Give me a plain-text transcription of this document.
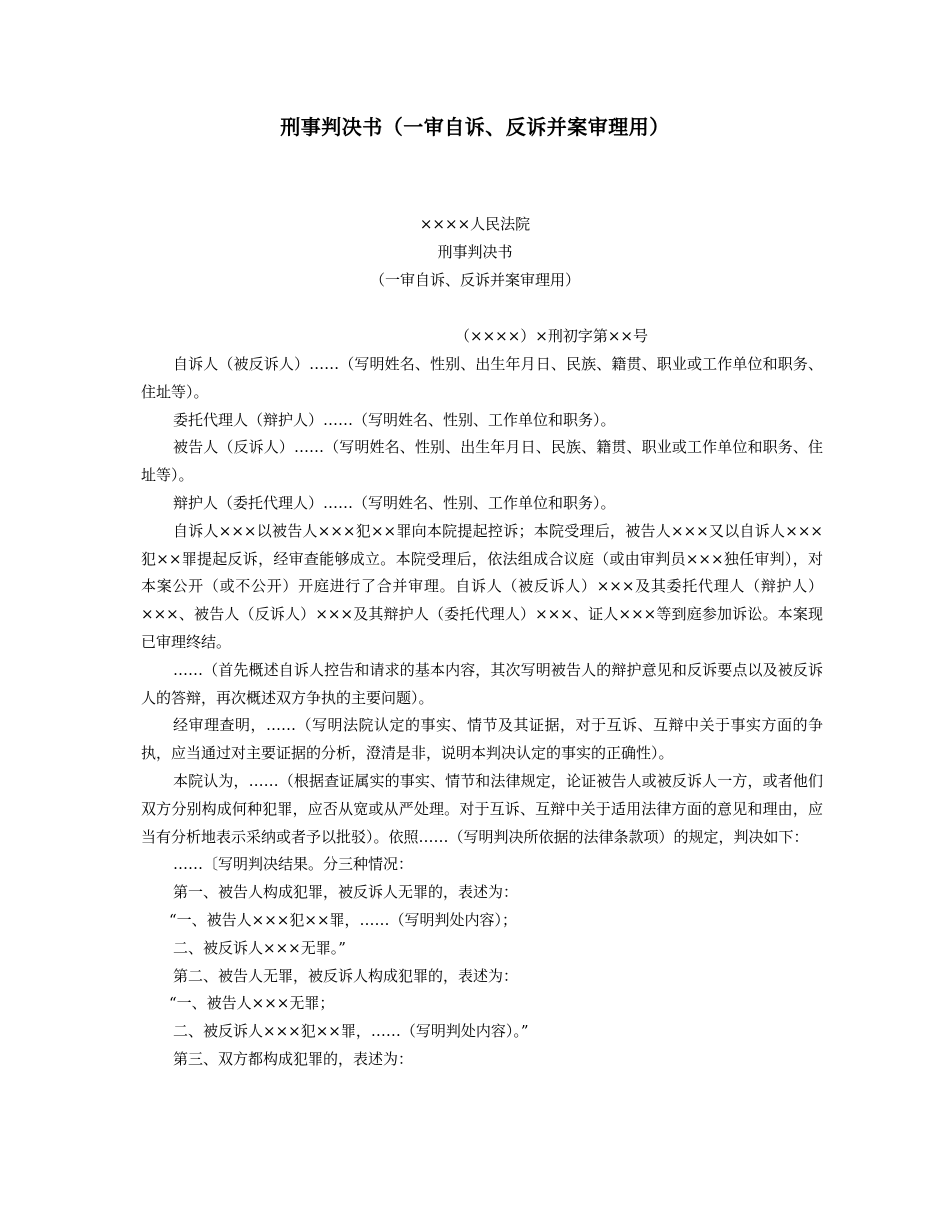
刑事判决书（一审自诉、反诉并案审理用）
××××人民法院
刑事判决书
（一审自诉、反诉并案审理用）
（××××）×刑初字第××号

自诉人（被反诉人）……（写明姓名、性别、出生年月日、民族、籍贯、职业或工作单位和职务、住址等）。

委托代理人（辩护人）……（写明姓名、性别、工作单位和职务）。

被告人（反诉人）……（写明姓名、性别、出生年月日、民族、籍贯、职业或工作单位和职务、住址等）。

辩护人（委托代理人）……（写明姓名、性别、工作单位和职务）。

自诉人×××以被告人×××犯××罪向本院提起控诉；本院受理后，被告人×××又以自诉人×××犯××罪提起反诉，经审查能够成立。本院受理后，依法组成合议庭（或由审判员×××独任审判），对本案公开（或不公开）开庭进行了合并审理。自诉人（被反诉人）×××及其委托代理人（辩护人）×××、被告人（反诉人）×××及其辩护人（委托代理人）×××、证人×××等到庭参加诉讼。本案现已审理终结。

……（首先概述自诉人控告和请求的基本内容，其次写明被告人的辩护意见和反诉要点以及被反诉人的答辩，再次概述双方争执的主要问题）。

经审理查明，……（写明法院认定的事实、情节及其证据，对于互诉、互辩中关于事实方面的争执，应当通过对主要证据的分析，澄清是非，说明本判决认定的事实的正确性）。

本院认为，……（根据查证属实的事实、情节和法律规定，论证被告人或被反诉人一方，或者他们双方分别构成何种犯罪，应否从宽或从严处理。对于互诉、互辩中关于适用法律方面的意见和理由，应当有分析地表示采纳或者予以批驳）。依照……（写明判决所依据的法律条款项）的规定，判决如下：

……〔写明判决结果。分三种情况：

第一、被告人构成犯罪，被反诉人无罪的，表述为：

“一、被告人×××犯××罪，……（写明判处内容）；

二、被反诉人×××无罪。”

第二、被告人无罪，被反诉人构成犯罪的，表述为：

“一、被告人×××无罪；

二、被反诉人×××犯××罪，……（写明判处内容）。”

第三、双方都构成犯罪的，表述为：
